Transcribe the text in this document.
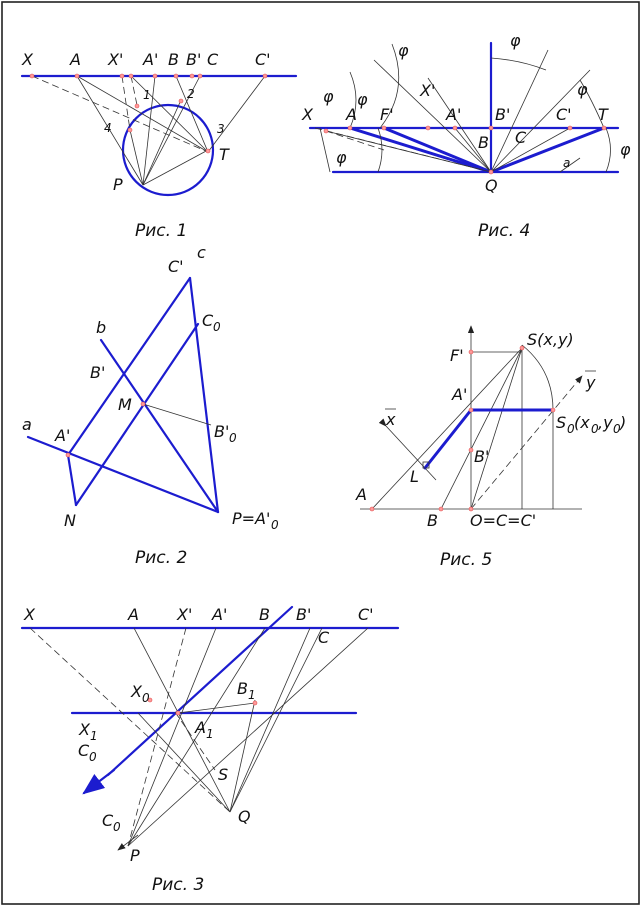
X A X' A' B B' C C'
1	2
3
4
P
T
Рис. 1
φ
φ
φ φ
φ
φ	φ
X A F'
X'
A' B'	C' T
B C
Q
a
Рис. 4
c
C'
C 0
b
B'
M
B' 0
a
A'
N	P=A' 0
Рис. 2
S(x,y)
F'
A'
B'
S 0 (x 0 ,y 0 )
y
x
L
A
B O=C=C'
Рис. 5
X	A X' A' B B'
C
C'
X 0
X 1	A 1
B 1
C 0
C 0
S
Q
P
Рис. 3
